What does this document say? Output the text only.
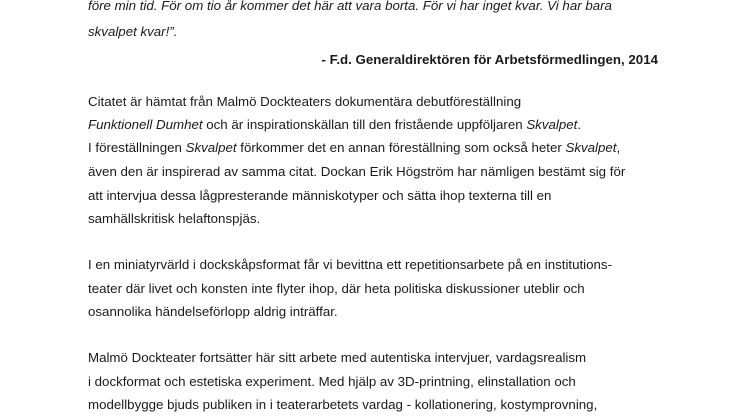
före min tid. För om tio år kommer det här att vara borta. För vi har inget kvar. Vi har bara
skvalpet kvar!”.
- F.d. Generaldirektören för Arbetsförmedlingen, 2014
Citatet är hämtat från Malmö Dockteaters dokumentära debutföreställning
Funktionell Dumhet och är inspirationskällan till den fristående uppföljaren Skvalpet.
I föreställningen Skvalpet förkommer det en annan föreställning som också heter Skvalpet,
även den är inspirerad av samma citat. Dockan Erik Högström har nämligen bestämt sig för
att intervjua dessa lågpresterande människotyper och sätta ihop texterna till en
samhällskritisk helaftonspjäs.
I en miniatyrvärld i dockskåpsformat får vi bevittna ett repetitionsarbete på en institutions-
teater där livet och konsten inte flyter ihop, där heta politiska diskussioner uteblir och
osannolika händelseförlopp aldrig inträffar.
Malmö Dockteater fortsätter här sitt arbete med autentiska intervjuer, vardagsrealism
i dockformat och estetiska experiment. Med hjälp av 3D-printning, elinstallation och
modellbygge bjuds publiken in i teaterarbetets vardag - kollationering, kostymprovning,
